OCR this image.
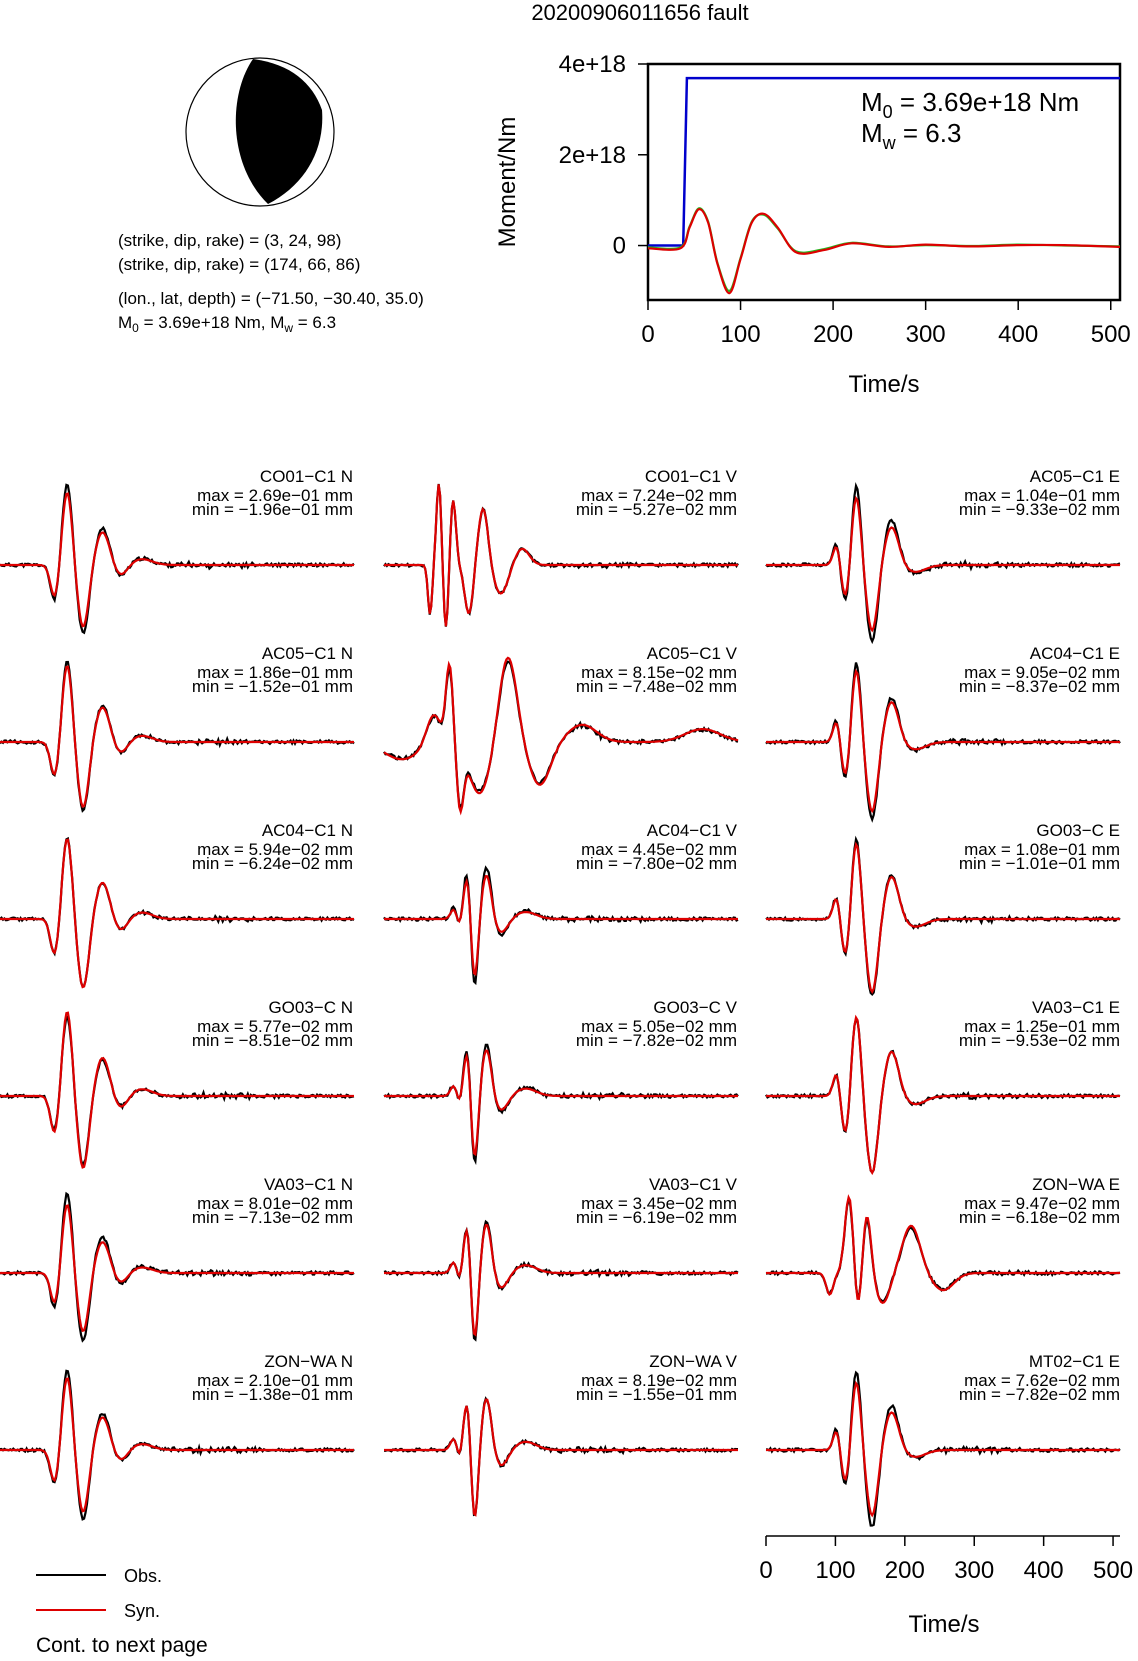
20200906011656 fault
(strike, dip, rake) = (3, 24, 98)
(strike, dip, rake) = (174, 66, 86)
(lon., lat, depth) = (−71.50, −30.40, 35.0)
$M_0 = 3.69e+18$ Nm, $M_w = 6.3$	0	100 200 300 400 500
0
2e+18
4e+18
$M_0 = 3.69e+18$ Nm
$M_w = 6.3$
Moment/Nm
Time/s
CO01−C1 N
max = 2.69e−01 mm
min = −1.96e−01 mm
CO01−C1 V
max = 7.24e−02 mm
min = −5.27e−02 mm
AC05−C1 E
max = 1.04e−01 mm
min = −9.33e−02 mm
AC05−C1 N
max = 1.86e−01 mm
min = −1.52e−01 mm
AC05−C1 V
max = 8.15e−02 mm
min = −7.48e−02 mm
AC04−C1 E
max = 9.05e−02 mm
min = −8.37e−02 mm
AC04−C1 N
max = 5.94e−02 mm
min = −6.24e−02 mm
AC04−C1 V
max = 4.45e−02 mm
min = −7.80e−02 mm
GO03−C E
max = 1.08e−01 mm
min = −1.01e−01 mm
GO03−C N
max = 5.77e−02 mm
min = −8.51e−02 mm
GO03−C V
max = 5.05e−02 mm
min = −7.82e−02 mm
VA03−C1 E
max = 1.25e−01 mm
min = −9.53e−02 mm
VA03−C1 N
max = 8.01e−02 mm
min = −7.13e−02 mm
VA03−C1 V
max = 3.45e−02 mm
min = −6.19e−02 mm
ZON−WA E
max = 9.47e−02 mm
min = −6.18e−02 mm
ZON−WA N
max = 2.10e−01 mm
min = −1.38e−01 mm
ZON−WA V
max = 8.19e−02 mm
min = −1.55e−01 mm
MT02−C1 E
max = 7.62e−02 mm
min = −7.82e−02 mm
Time/s
0 100 200 300 400 500
Obs.
Syn.
Cont. to next page
